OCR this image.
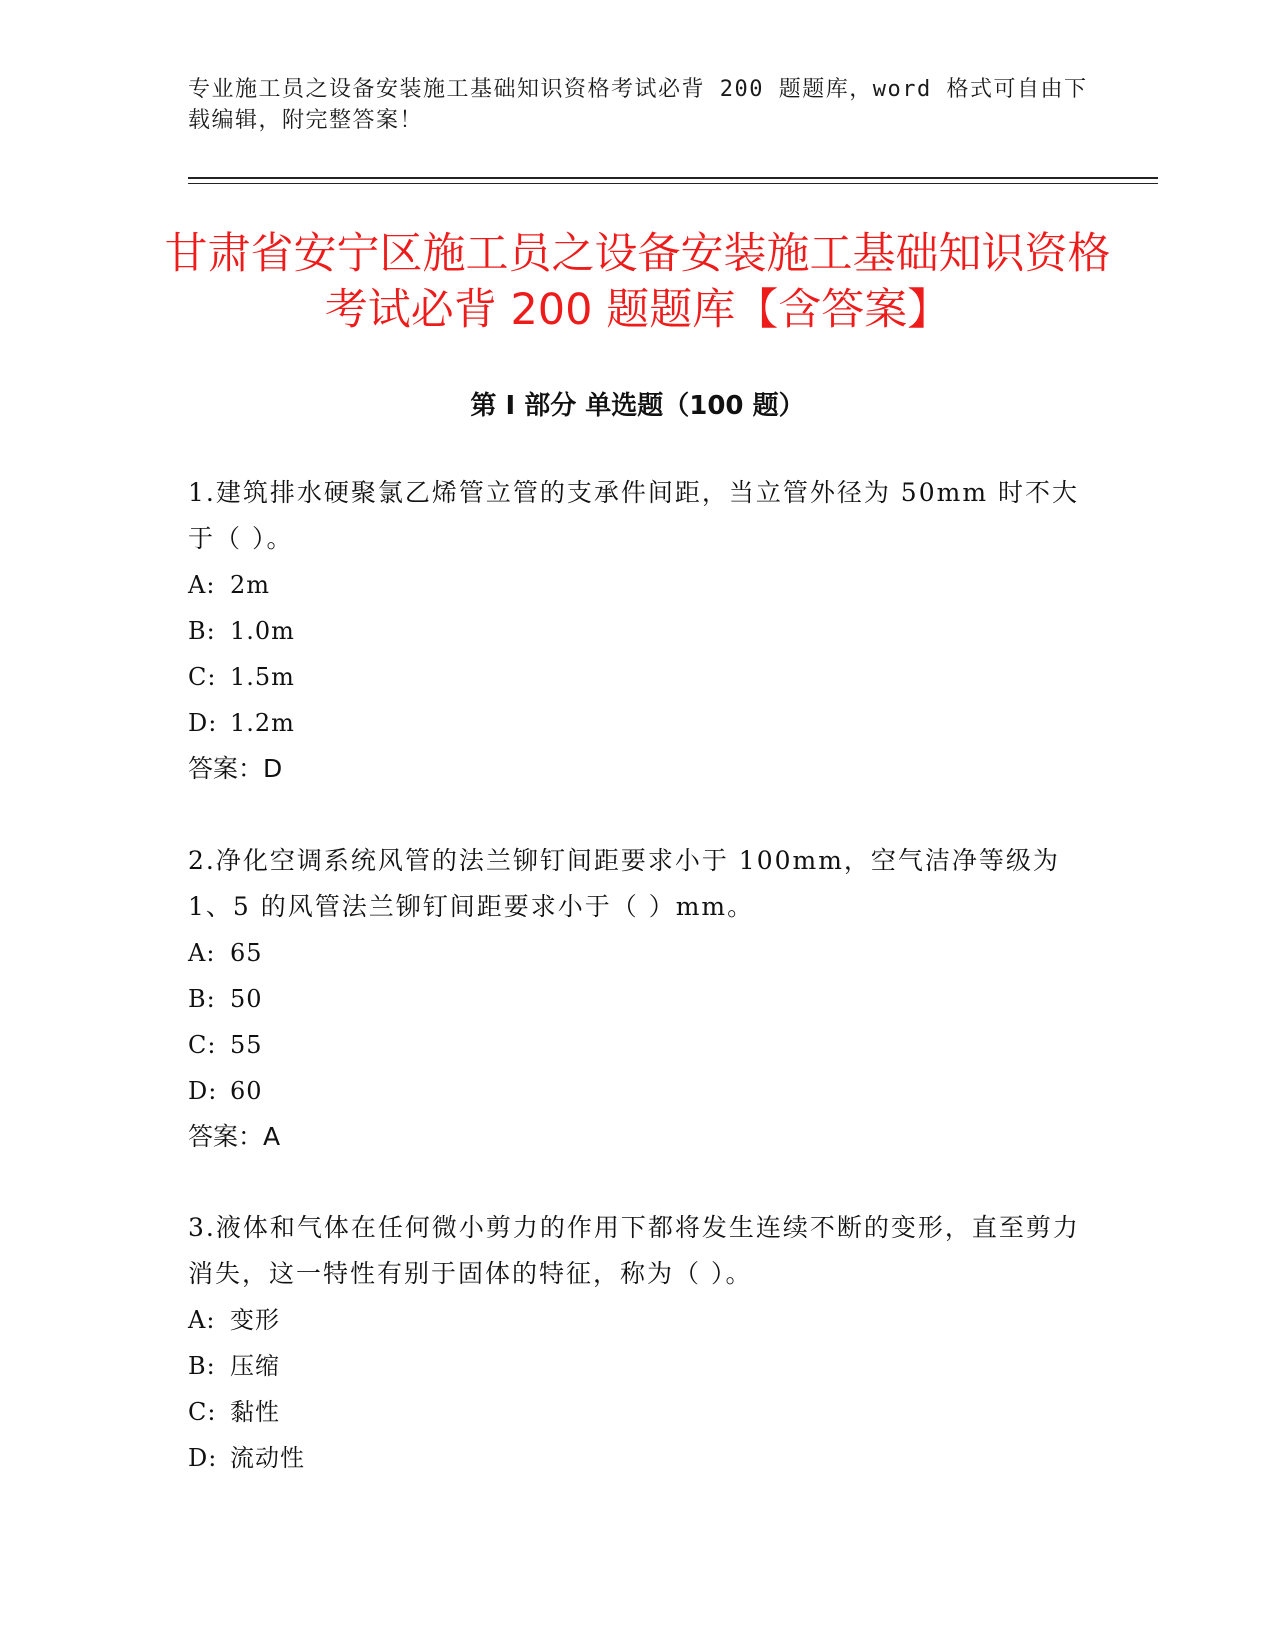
专业施工员之设备安装施工基础知识资格考试必背 200 题题库，word 格式可自由下载编辑，附完整答案！
甘肃省安宁区施工员之设备安装施工基础知识资格考试必背 200 题题库【含答案】
第 I 部分 单选题（100 题）

1.建筑排水硬聚氯乙烯管立管的支承件间距，当立管外径为 50mm 时不大于（ ）。

A: 2m

B: 1.0m

C: 1.5m

D: 1.2m

答案：D

2.净化空调系统风管的法兰铆钉间距要求小于 100mm，空气洁净等级为 1、5 的风管法兰铆钉间距要求小于（ ）mm。

A: 65

B: 50

C: 55

D: 60

答案：A

3.液体和气体在任何微小剪力的作用下都将发生连续不断的变形，直至剪力消失，这一特性有别于固体的特征，称为（ ）。

A: 变形

B: 压缩

C: 黏性

D: 流动性
